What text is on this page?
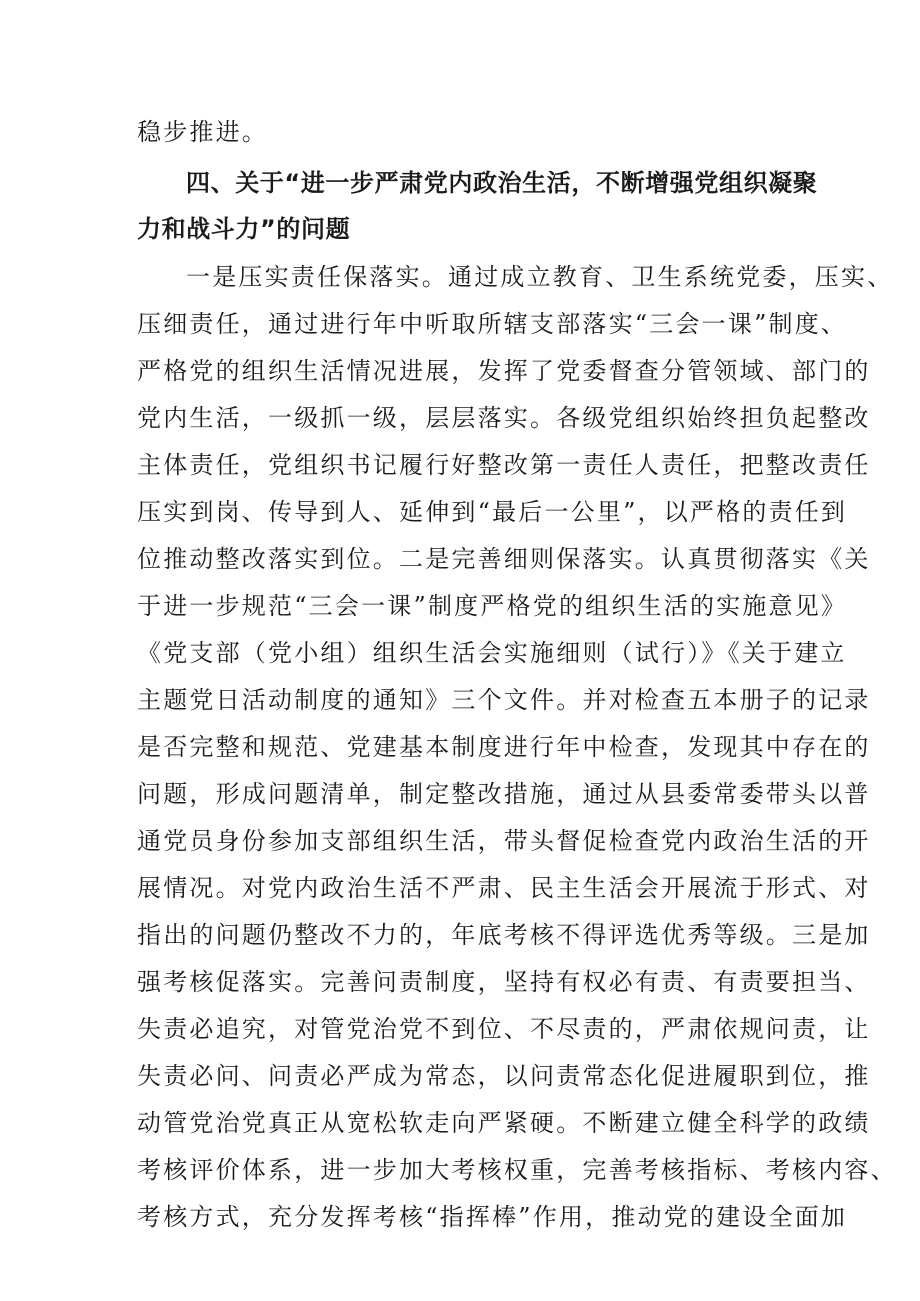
稳步推进。
四、关于“进一步严肃党内政治生活，不断增强党组织凝聚
力和战斗力”的问题
一是压实责任保落实。通过成立教育、卫生系统党委，压实、
压细责任，通过进行年中听取所辖支部落实“三会一课”制度、
严格党的组织生活情况进展，发挥了党委督查分管领域、部门的
党内生活，一级抓一级，层层落实。各级党组织始终担负起整改
主体责任，党组织书记履行好整改第一责任人责任，把整改责任
压实到岗、传导到人、延伸到“最后一公里”，以严格的责任到
位推动整改落实到位。二是完善细则保落实。认真贯彻落实《关
于进一步规范“三会一课”制度严格党的组织生活的实施意见》
《党支部（党小组）组织生活会实施细则（试行）》《关于建立
主题党日活动制度的通知》三个文件。并对检查五本册子的记录
是否完整和规范、党建基本制度进行年中检查，发现其中存在的
问题，形成问题清单，制定整改措施，通过从县委常委带头以普
通党员身份参加支部组织生活，带头督促检查党内政治生活的开
展情况。对党内政治生活不严肃、民主生活会开展流于形式、对
指出的问题仍整改不力的，年底考核不得评选优秀等级。三是加
强考核促落实。完善问责制度，坚持有权必有责、有责要担当、
失责必追究，对管党治党不到位、不尽责的，严肃依规问责，让
失责必问、问责必严成为常态，以问责常态化促进履职到位，推
动管党治党真正从宽松软走向严紧硬。不断建立健全科学的政绩
考核评价体系，进一步加大考核权重，完善考核指标、考核内容、
考核方式，充分发挥考核“指挥棒”作用，推动党的建设全面加
